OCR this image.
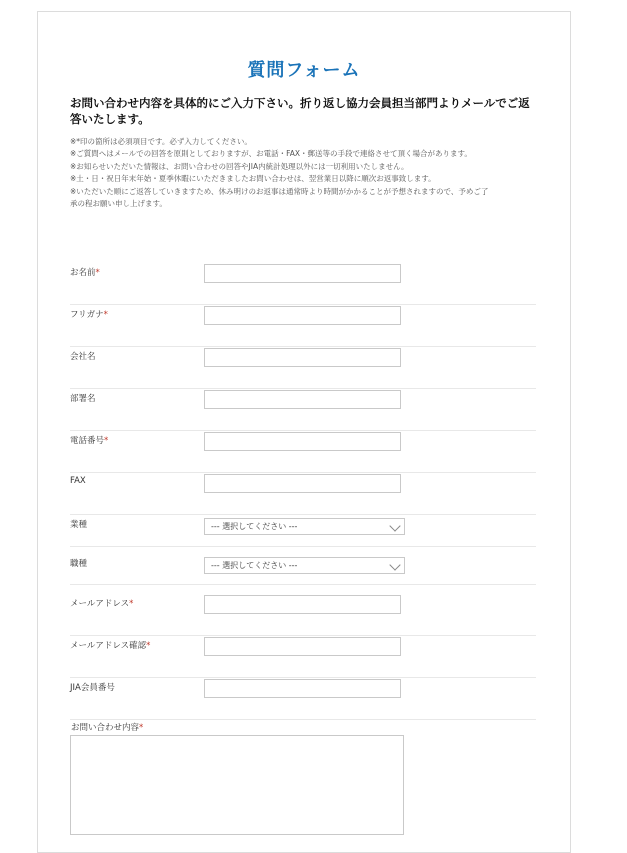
質問フォーム
お問い合わせ内容を具体的にご入力下さい。折り返し協力会員担当部門よりメールでご返答いたします。
※*印の箇所は必須項目です。必ず入力してください。
※ご質問へはメールでの回答を原則としておりますが、お電話・FAX・郵送等の手段で連絡させて頂く場合があります。
※お知らせいただいた情報は、お問い合わせの回答やJIA内統計処理以外には一切利用いたしません。
※土・日・祝日年末年始・夏季休暇にいただきましたお問い合わせは、翌営業日以降に順次お返事致します。
※いただいた順にご返答していきますため、休み明けのお返事は通常時より時間がかかることが予想されますので、予めご了
承の程お願い申し上げます。
お名前*
フリガナ*
会社名
部署名
電話番号*
FAX
業種	--- 選択してください ---
職種	--- 選択してください ---
メールアドレス*
メールアドレス確認*
JIA会員番号
お問い合わせ内容*
